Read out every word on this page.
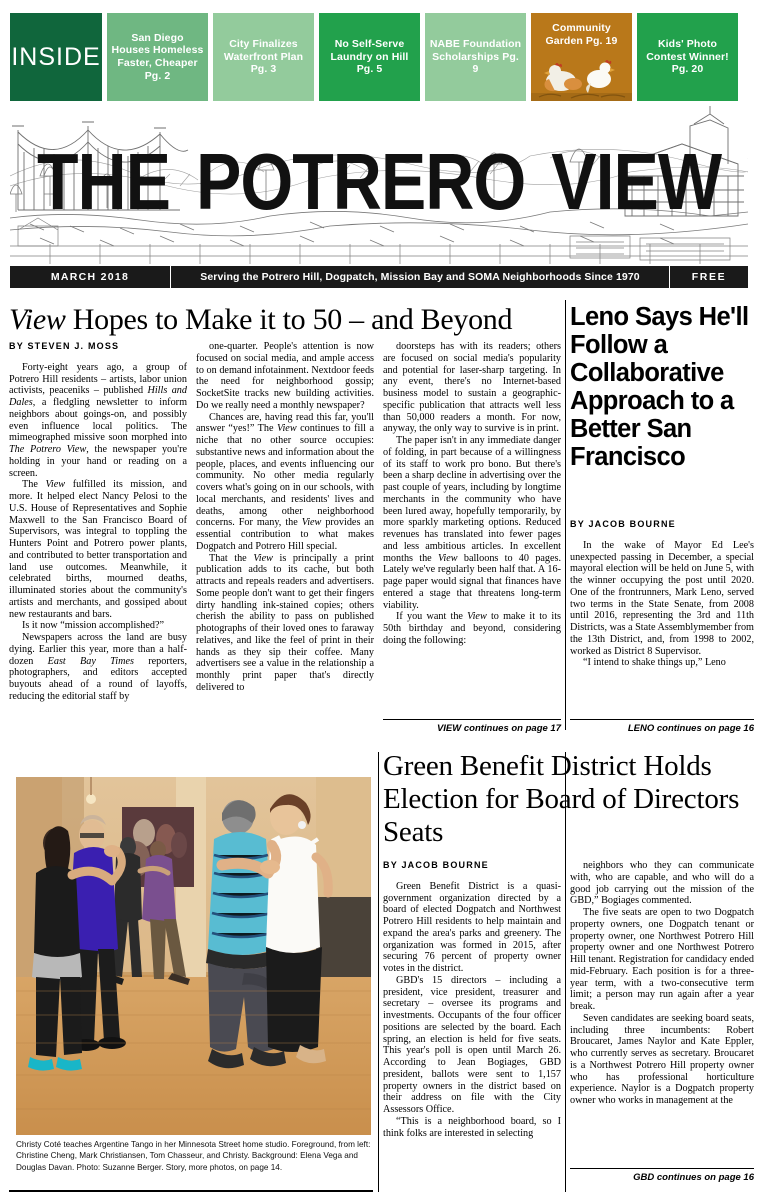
INSIDE
San Diego Houses Homeless Faster, Cheaper Pg. 2
City Finalizes Waterfront Plan Pg. 3
No Self-Serve Laundry on Hill Pg. 5
NABE Foundation Scholarships Pg. 9
Community Garden Pg. 19	Kids' Photo Contest Winner! Pg. 20
THE POTRERO VIEW
MARCH 2018	Serving the Potrero Hill, Dogpatch, Mission Bay and SOMA Neighborhoods Since 1970	FREE
View Hopes to Make it to 50 – and Beyond
BY STEVEN J. MOSS

Forty-eight years ago, a group of Potrero Hill residents – artists, labor union activists, peaceniks – published Hills and Dales, a fledgling newsletter to inform neighbors about goings-on, and possibly even influence local politics. The mimeographed missive soon morphed into The Potrero View, the newspaper you're holding in your hand or reading on a screen.

The View fulfilled its mission, and more. It helped elect Nancy Pelosi to the U.S. House of Representatives and Sophie Maxwell to the San Francisco Board of Supervisors, was integral to toppling the Hunters Point and Potrero power plants, and contributed to better transportation and land use outcomes. Meanwhile, it celebrated births, mourned deaths, illuminated stories about the community's artists and merchants, and gossiped about new restaurants and bars.

Is it now “mission accomplished?”

Newspapers across the land are busy dying. Earlier this year, more than a half-dozen East Bay Times reporters, photographers, and editors accepted buyouts ahead of a round of layoffs, reducing the editorial staff by

one-quarter. People's attention is now focused on social media, and ample access to on demand infotainment. Nextdoor feeds the need for neighborhood gossip; SocketSite tracks new building activities. Do we really need a monthly newspaper?

Chances are, having read this far, you'll answer “yes!” The View continues to fill a niche that no other source occupies: substantive news and information about the people, places, and events influencing our community. No other media regularly covers what's going on in our schools, with local merchants, and residents' lives and deaths, among other neighborhood concerns. For many, the View provides an essential contribution to what makes Dogpatch and Potrero Hill special.

That the View is principally a print publication adds to its cache, but both attracts and repeals readers and advertisers. Some people don't want to get their fingers dirty handling ink-stained copies; others cherish the ability to pass on published photographs of their loved ones to faraway relatives, and like the feel of print in their hands as they sip their coffee. Many advertisers see a value in the relationship a monthly print paper that's directly delivered to

doorsteps has with its readers; others are focused on social media's popularity and potential for laser-sharp targeting. In any event, there's no Internet-based business model to sustain a geographic-specific publication that attracts well less than 50,000 readers a month. For now, anyway, the only way to survive is in print.

The paper isn't in any immediate danger of folding, in part because of a willingness of its staff to work pro bono. But there's been a sharp decline in advertising over the past couple of years, including by longtime merchants in the community who have been lured away, hopefully temporarily, by more sparkly marketing options. Reduced revenues has translated into fewer pages and less ambitious articles. In excellent months the View balloons to 40 pages. Lately we've regularly been half that. A 16-page paper would signal that finances have entered a stage that threatens long-term viability.

If you want the View to make it to its 50th birthday and beyond, considering doing the following:

VIEW continues on page 17
Leno Says He'll Follow a Collaborative Approach to a Better San Francisco
BY JACOB BOURNE

In the wake of Mayor Ed Lee's unexpected passing in December, a special mayoral election will be held on June 5, with the winner occupying the post until 2020. One of the frontrunners, Mark Leno, served two terms in the State Senate, from 2008 until 2016, representing the 3rd and 11th Districts, was a State Assemblymember from the 13th District, and, from 1998 to 2002, worked as District 8 Supervisor.

“I intend to shake things up,” Leno

LENO continues on page 16
Green Benefit District Holds Election for Board of Directors Seats
BY JACOB BOURNE

Green Benefit District is a quasi-government organization directed by a board of elected Dogpatch and Northwest Potrero Hill residents to help maintain and expand the area's parks and greenery. The organization was formed in 2015, after securing 76 percent of property owner votes in the district.

GBD's 15 directors – including a president, vice president, treasurer and secretary – oversee its programs and investments. Occupants of the four officer positions are selected by the board. Each spring, an election is held for five seats. This year's poll is open until March 26. According to Jean Bogiages, GBD president, ballots were sent to 1,157 property owners in the district based on their address on file with the City Assessors Office.

“This is a neighborhood board, so I think folks are interested in selecting

neighbors who they can communicate with, who are capable, and who will do a good job carrying out the mission of the GBD,” Bogiages commented.

The five seats are open to two Dogpatch property owners, one Dogpatch tenant or property owner, one Northwest Potrero Hill property owner and one Northwest Potrero Hill tenant. Registration for candidacy ended mid-February. Each position is for a three-year term, with a two-consecutive term limit; a person may run again after a year break.

Seven candidates are seeking board seats, including three incumbents: Robert Broucaret, James Naylor and Kate Eppler, who currently serves as secretary. Broucaret is a Northwest Potrero Hill property owner who has professional horticulture experience. Naylor is a Dogpatch property owner who works in management at the

GBD continues on page 16
Christy Coté teaches Argentine Tango in her Minnesota Street home studio. Foreground, from left: Christine Cheng, Mark Christiansen, Tom Chasseur, and Christy. Background: Elena Vega and Douglas Davan. Photo: Suzanne Berger. Story, more photos, on page 14.
